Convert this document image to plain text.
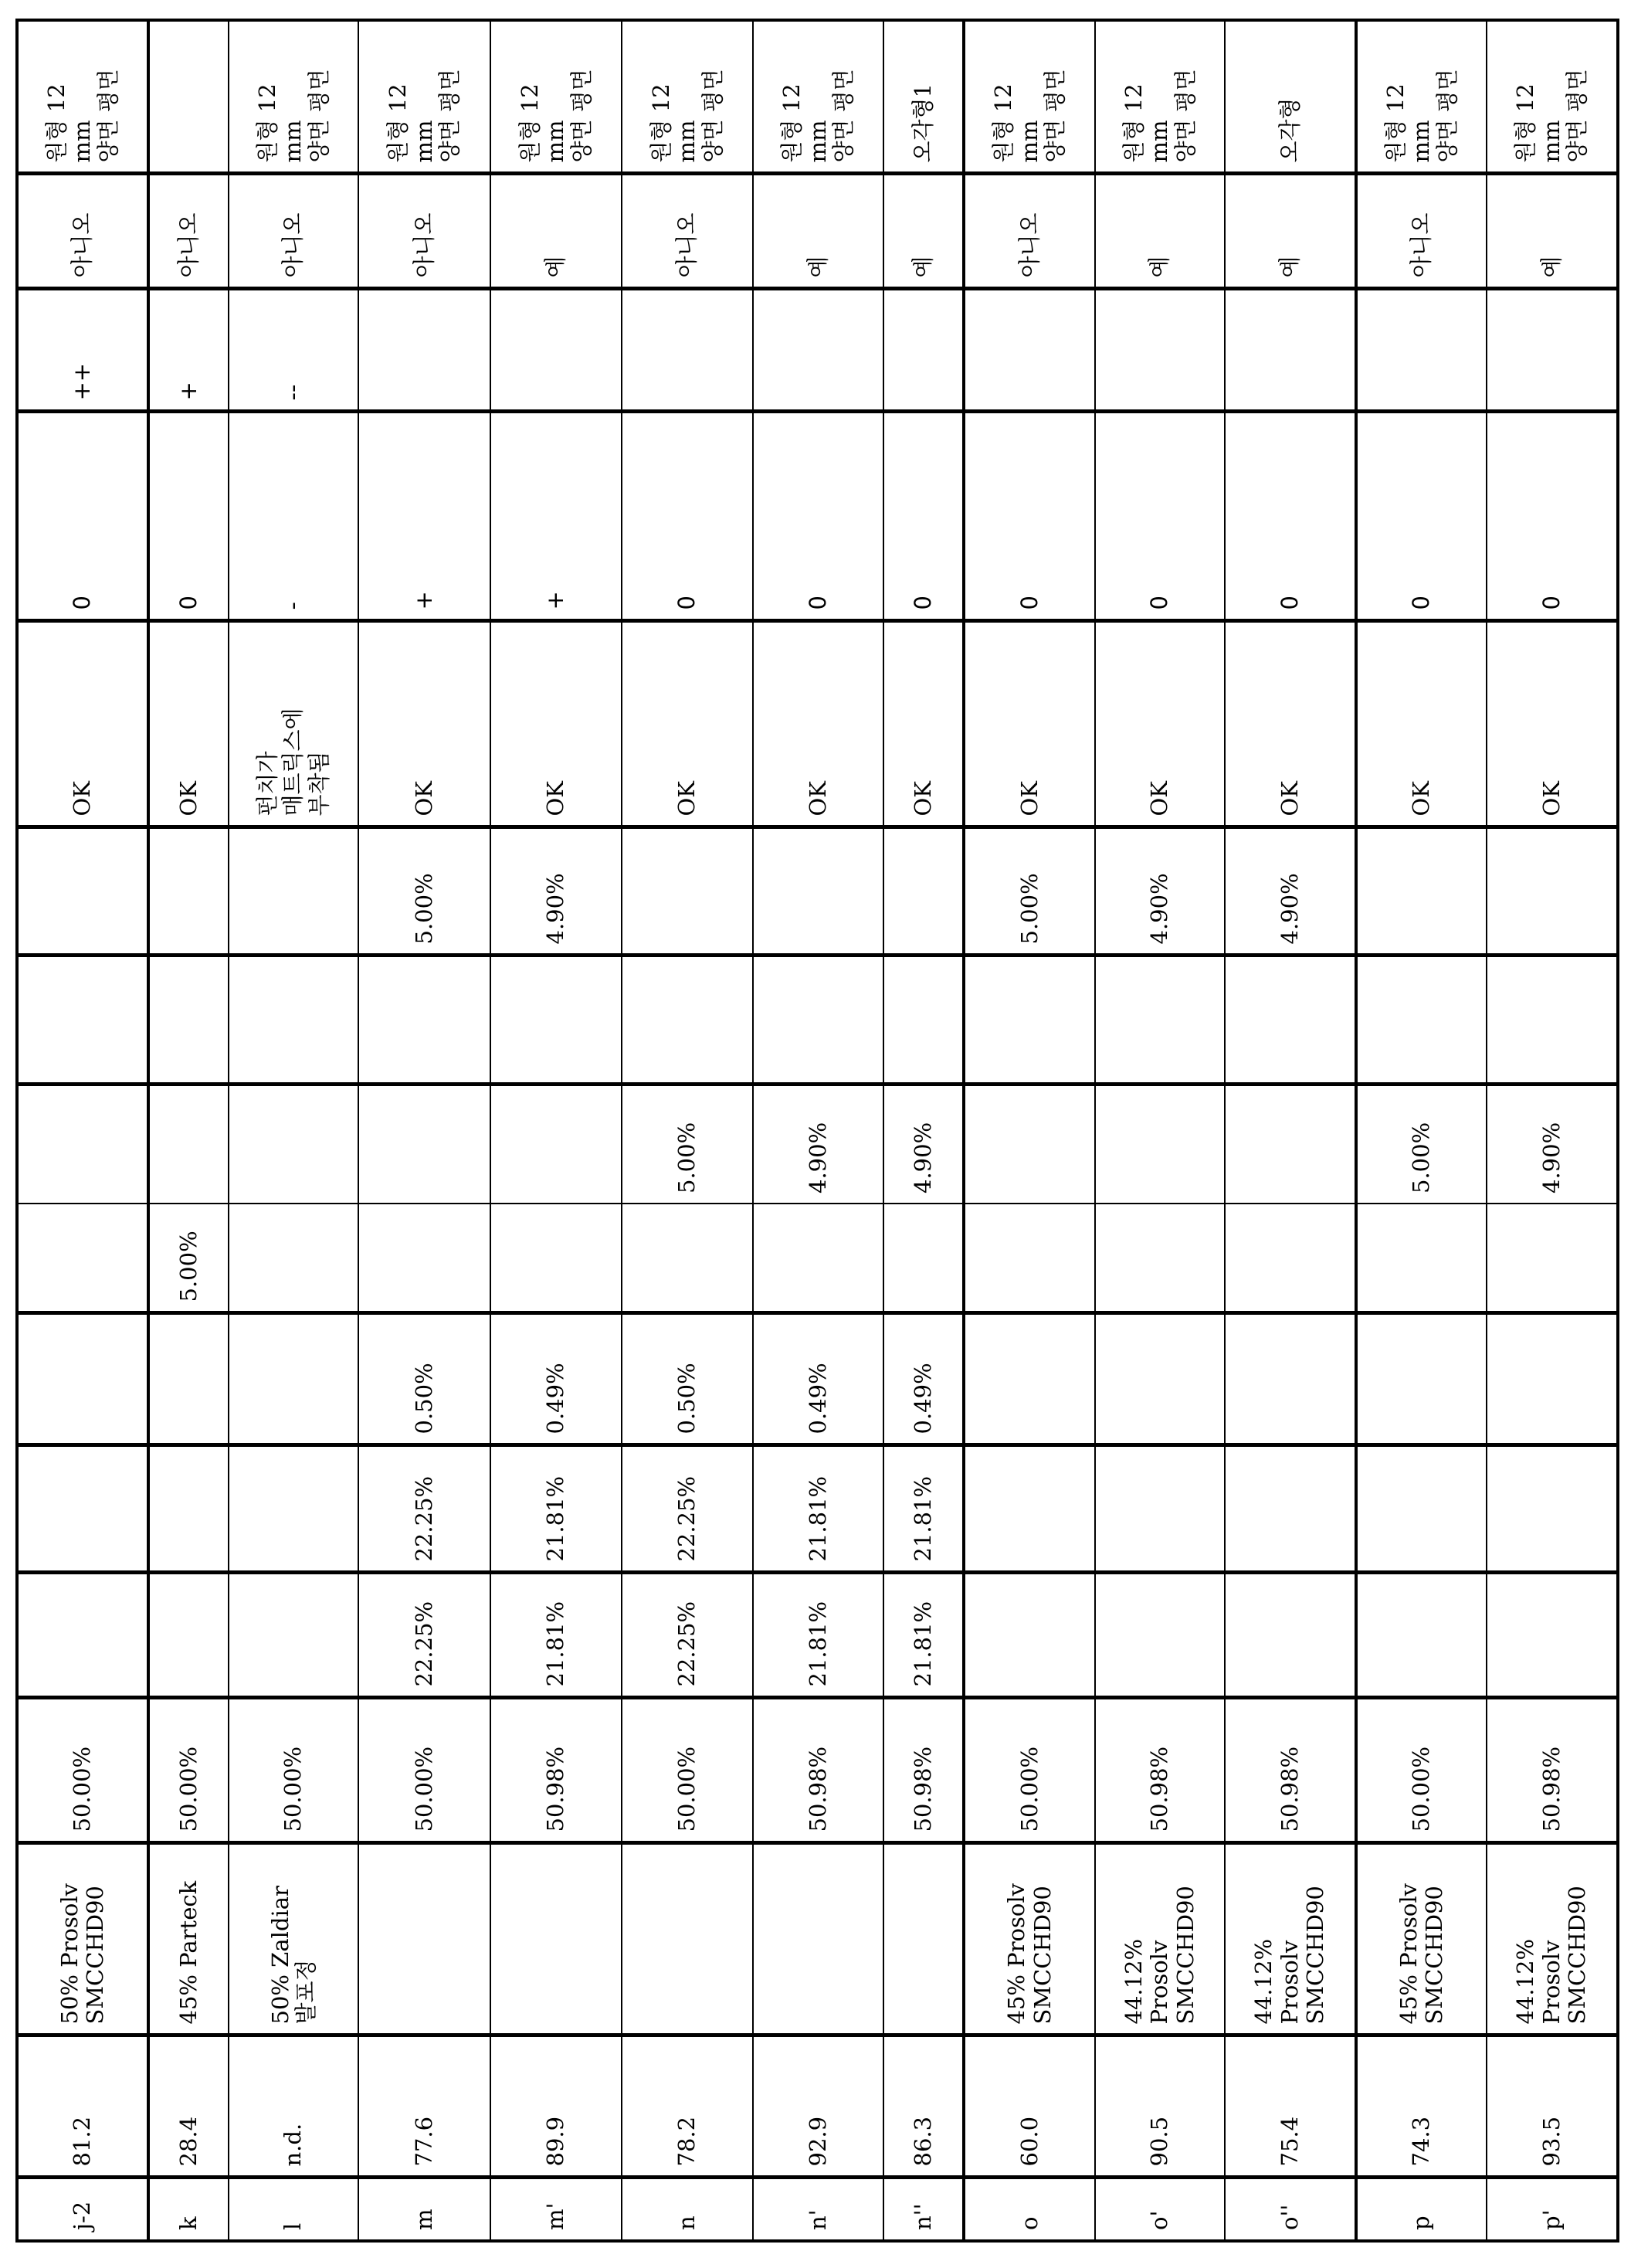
j-2	81.2	50% Prosolv
SMCCHD90	50.00%								OK	0	++	아니오	원형 12
mm
양면 평면
k	28.4	45% Parteck	50.00%				5.00%				OK	0	+	아니오	
l	n.d.	50% Zaldiar
발포정	50.00%								펀치가
매트릭스에
부착됨	-	--	아니오	원형 12
mm
양면 평면
m	77.6		50.00%	22.25%	22.25%	0.50%				5.00%	OK	+		아니오	원형 12
mm
양면 평면
m'	89.9		50.98%	21.81%	21.81%	0.49%				4.90%	OK	+		예	원형 12
mm
양면 평면
n	78.2		50.00%	22.25%	22.25%	0.50%		5.00%			OK	0		아니오	원형 12
mm
양면 평면
n'	92.9		50.98%	21.81%	21.81%	0.49%		4.90%			OK	0		예	원형 12
mm
양면 평면
n''	86.3		50.98%	21.81%	21.81%	0.49%		4.90%			OK	0		예	오각형1
o	60.0	45% Prosolv
SMCCHD90	50.00%							5.00%	OK	0		아니오	원형 12
mm
양면 평면
o'	90.5	44.12%
Prosolv
SMCCHD90	50.98%							4.90%	OK	0		예	원형 12
mm
양면 평면
o''	75.4	44.12%
Prosolv
SMCCHD90	50.98%							4.90%	OK	0		예	오각형
p	74.3	45% Prosolv
SMCCHD90	50.00%					5.00%			OK	0		아니오	원형 12
mm
양면 평면
p'	93.5	44.12%
Prosolv
SMCCHD90	50.98%					4.90%			OK	0		예	원형 12
mm
양면 평면
